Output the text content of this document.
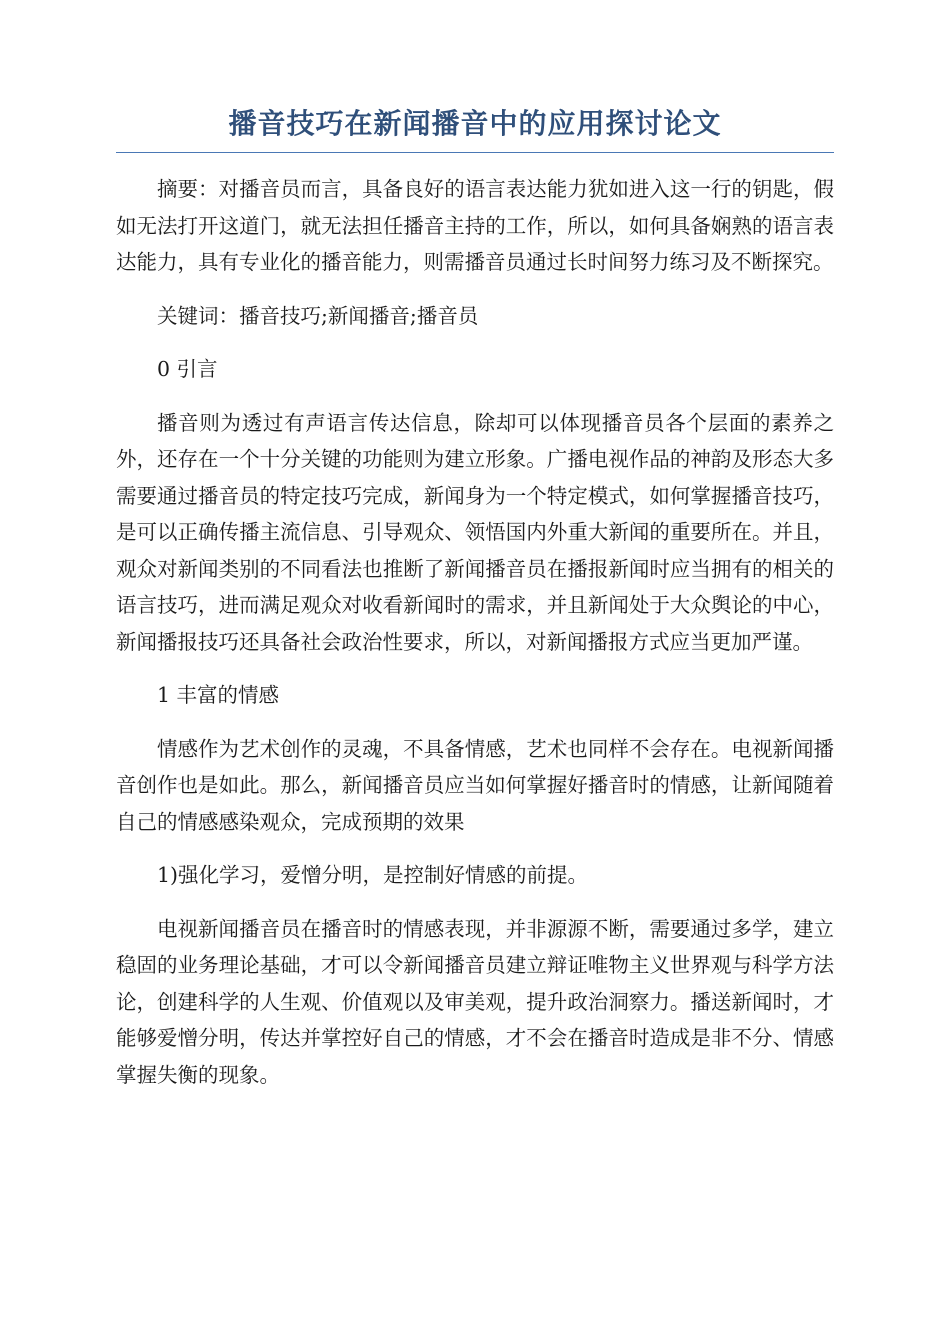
播音技巧在新闻播音中的应用探讨论文

摘要：对播音员而言，具备良好的语言表达能力犹如进入这一行的钥匙，假如无法打开这道门，就无法担任播音主持的工作，所以，如何具备娴熟的语言表达能力，具有专业化的播音能力，则需播音员通过长时间努力练习及不断探究。

关键词：播音技巧;新闻播音;播音员

0 引言

播音则为透过有声语言传达信息，除却可以体现播音员各个层面的素养之外，还存在一个十分关键的功能则为建立形象。广播电视作品的神韵及形态大多需要通过播音员的特定技巧完成，新闻身为一个特定模式，如何掌握播音技巧，是可以正确传播主流信息、引导观众、领悟国内外重大新闻的重要所在。并且，观众对新闻类别的不同看法也推断了新闻播音员在播报新闻时应当拥有的相关的语言技巧，进而满足观众对收看新闻时的需求，并且新闻处于大众舆论的中心，新闻播报技巧还具备社会政治性要求，所以，对新闻播报方式应当更加严谨。

1 丰富的情感

情感作为艺术创作的灵魂，不具备情感，艺术也同样不会存在。电视新闻播音创作也是如此。那么，新闻播音员应当如何掌握好播音时的情感，让新闻随着自己的情感感染观众，完成预期的效果

1)强化学习，爱憎分明，是控制好情感的前提。

电视新闻播音员在播音时的情感表现，并非源源不断，需要通过多学，建立稳固的业务理论基础，才可以令新闻播音员建立辩证唯物主义世界观与科学方法论，创建科学的人生观、价值观以及审美观，提升政治洞察力。播送新闻时，才能够爱憎分明，传达并掌控好自己的情感，才不会在播音时造成是非不分、情感掌握失衡的现象。
